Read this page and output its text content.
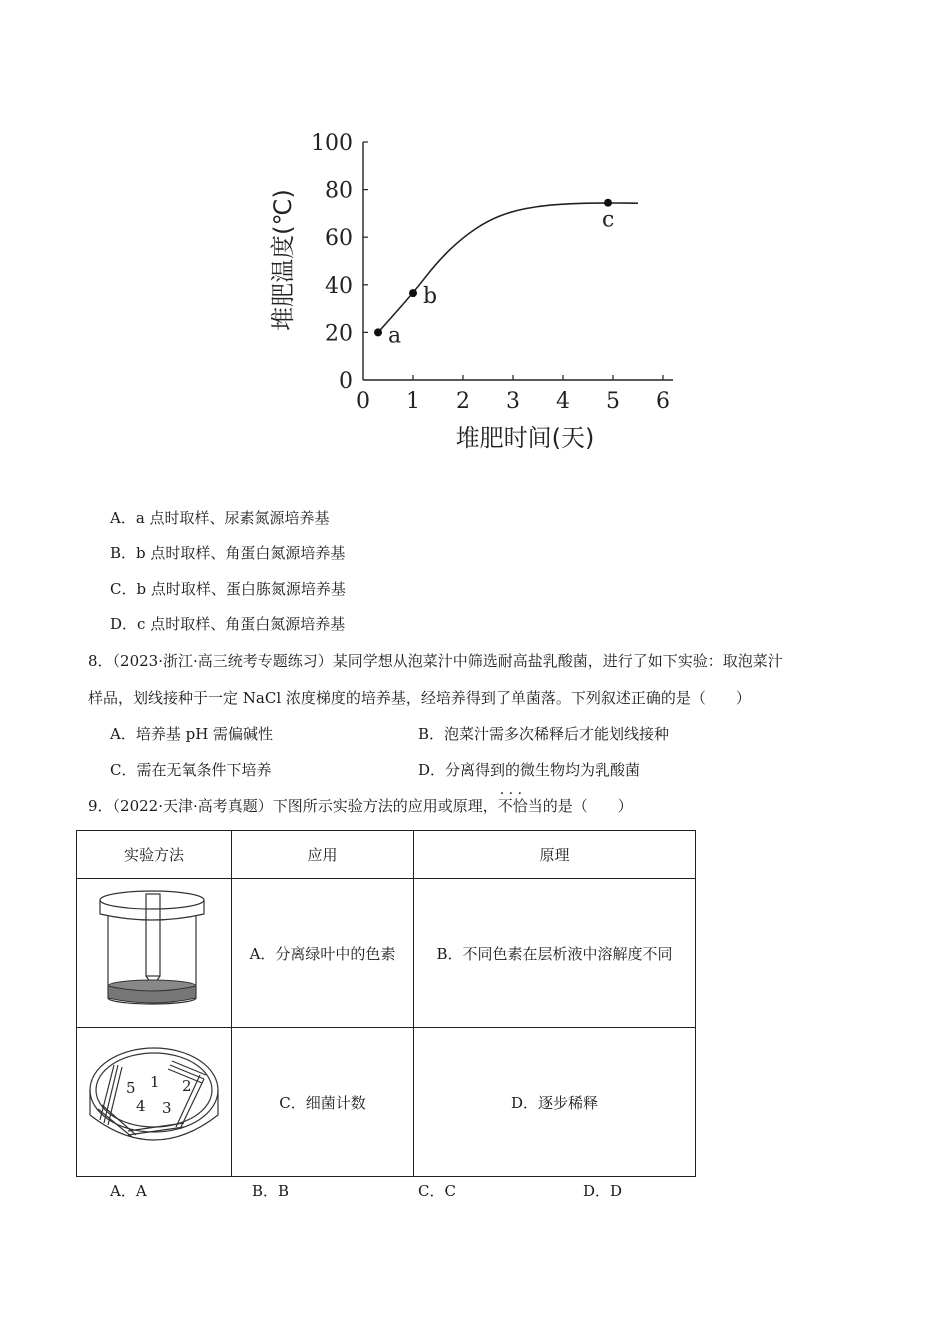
0 1 2 3 4 5 6
0
20
40
60
80
100
a
b
c
堆肥时间(天)
堆肥温度(℃)
A．a 点时取样、尿素氮源培养基
B．b 点时取样、角蛋白氮源培养基
C．b 点时取样、蛋白胨氮源培养基
D．c 点时取样、角蛋白氮源培养基
8．（2023·浙江·高三统考专题练习）某同学想从泡菜汁中筛选耐高盐乳酸菌，进行了如下实验：取泡菜汁
样品，划线接种于一定 NaCl 浓度梯度的培养基，经培养得到了单菌落。下列叙述正确的是（　　）
A．培养基 pH 需偏碱性	B．泡菜汁需多次稀释后才能划线接种
C．需在无氧条件下培养	D．分离得到的微生物均为乳酸菌
9．（2022·天津·高考真题）下图所示实验方法的应用或原理，· · · 不恰当的是（　　）
实验方法	应用	原理
	A．分离绿叶中的色素	B．不同色素在层析液中溶解度不同

1 2
3
4
5	C．细菌计数	D．逐步稀释
A．A	B．B	C．C	D．D
